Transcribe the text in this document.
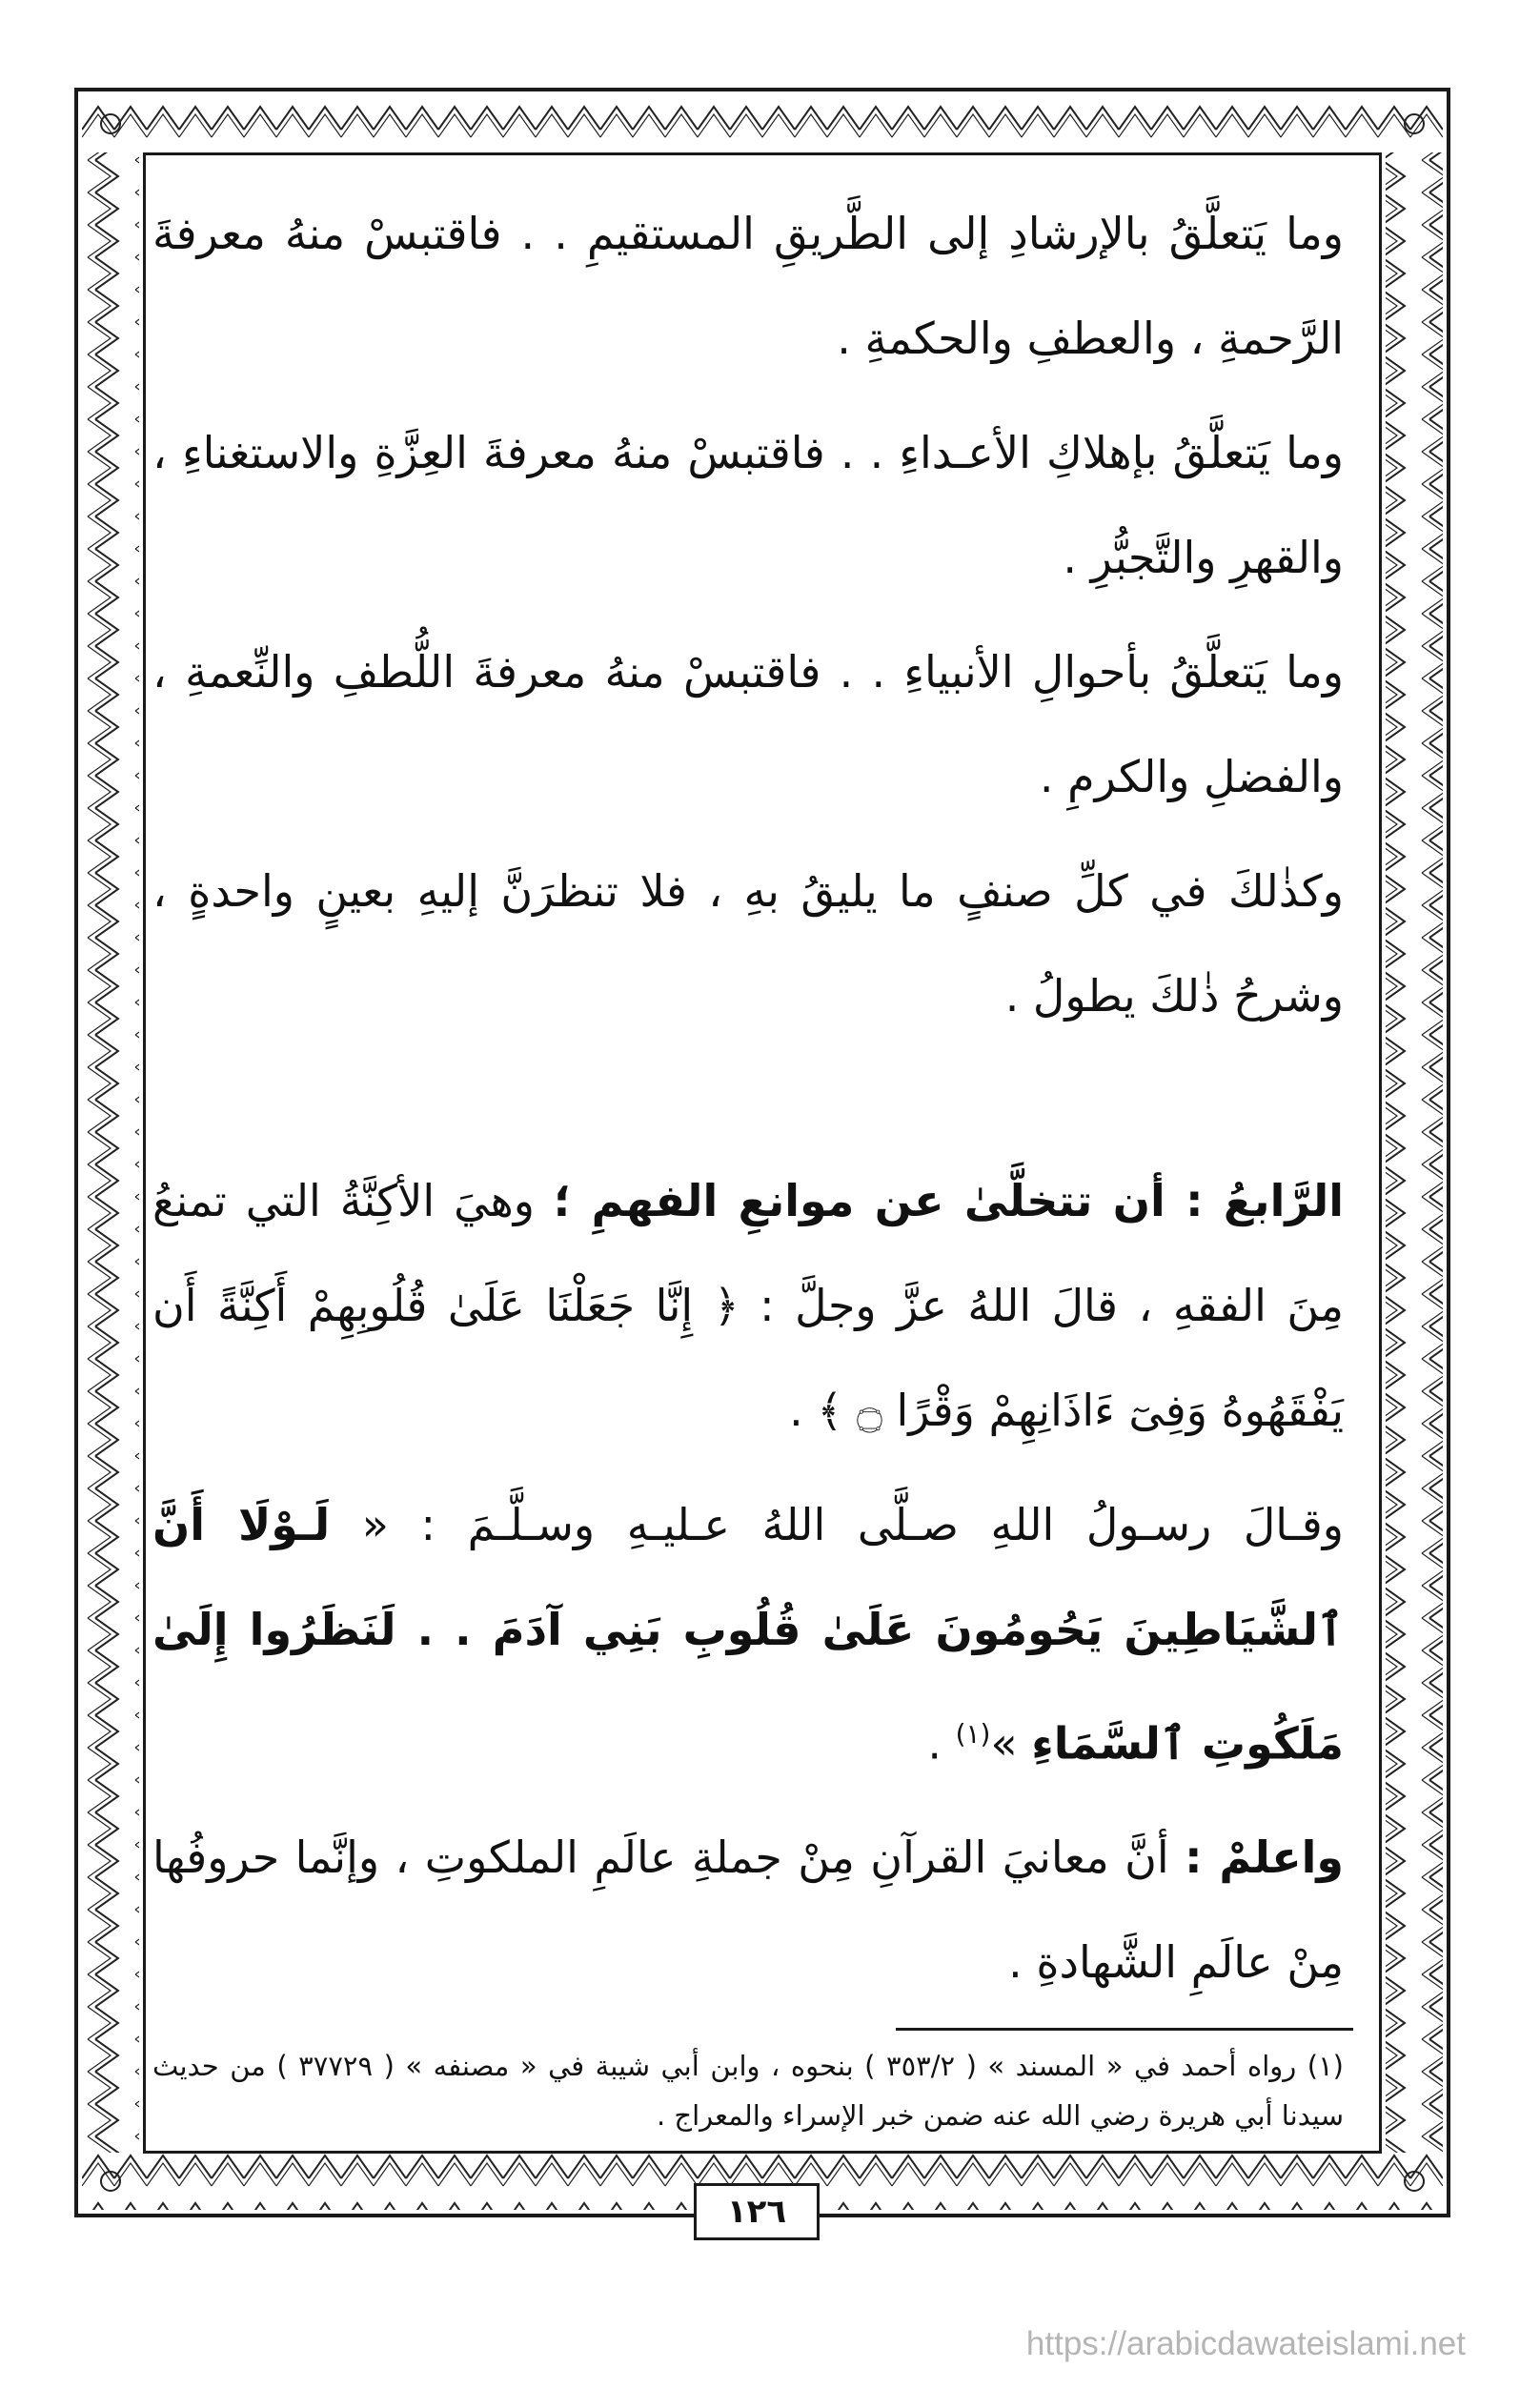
وما يَتعلَّقُ بالإرشادِ إلى الطَّريقِ المستقيمِ . . فاقتبسْ منهُ معرفةَ الرَّحمةِ ، والعطفِ والحكمةِ .

وما يَتعلَّقُ بإهلاكِ الأعـداءِ . . فاقتبسْ منهُ معرفةَ العِزَّةِ والاستغناءِ ، والقهرِ والتَّجبُّرِ .

وما يَتعلَّقُ بأحوالِ الأنبياءِ . . فاقتبسْ منهُ معرفةَ اللُّطفِ والنِّعمةِ ، والفضلِ والكرمِ .

وكذٰلكَ في كلِّ صنفٍ ما يليقُ بهِ ، فلا تنظرَنَّ إليهِ بعينٍ واحدةٍ ، وشرحُ ذٰلكَ يطولُ .

الرَّابعُ : أن تتخلَّىٰ عن موانعِ الفهمِ ؛ وهيَ الأكِنَّةُ التي تمنعُ مِنَ الفقهِ ، قالَ اللهُ عزَّ وجلَّ : ﴿ إِنَّا جَعَلْنَا عَلَىٰ قُلُوبِهِمْ أَكِنَّةً أَن يَفْقَهُوهُ وَفِىٓ ءَاذَانِهِمْ وَقْرًا ۝ ﴾ .

وقـالَ رسـولُ اللهِ صـلَّى اللهُ عـليـهِ وسـلَّـمَ : « لَـوْلَا أَنَّ ٱلشَّيَاطِينَ يَحُومُونَ عَلَىٰ قُلُوبِ بَنِي آدَمَ . . لَنَظَرُوا إِلَىٰ مَلَكُوتِ ٱلسَّمَاءِ »$^{(١)}$ .

واعلمْ : أنَّ معانيَ القرآنِ مِنْ جملةِ عالَمِ الملكوتِ ، وإنَّما حروفُها مِنْ عالَمِ الشَّهادةِ .

(١) رواه أحمد في « المسند » ( ٣٥٣/٢ ) بنحوه ، وابن أبي شيبة في « مصنفه » ( ٣٧٧٢٩ ) من حديث سيدنا أبي هريرة رضي الله عنه ضمن خبر الإسراء والمعراج .

١٢٦
https://arabicdawateislami.net
